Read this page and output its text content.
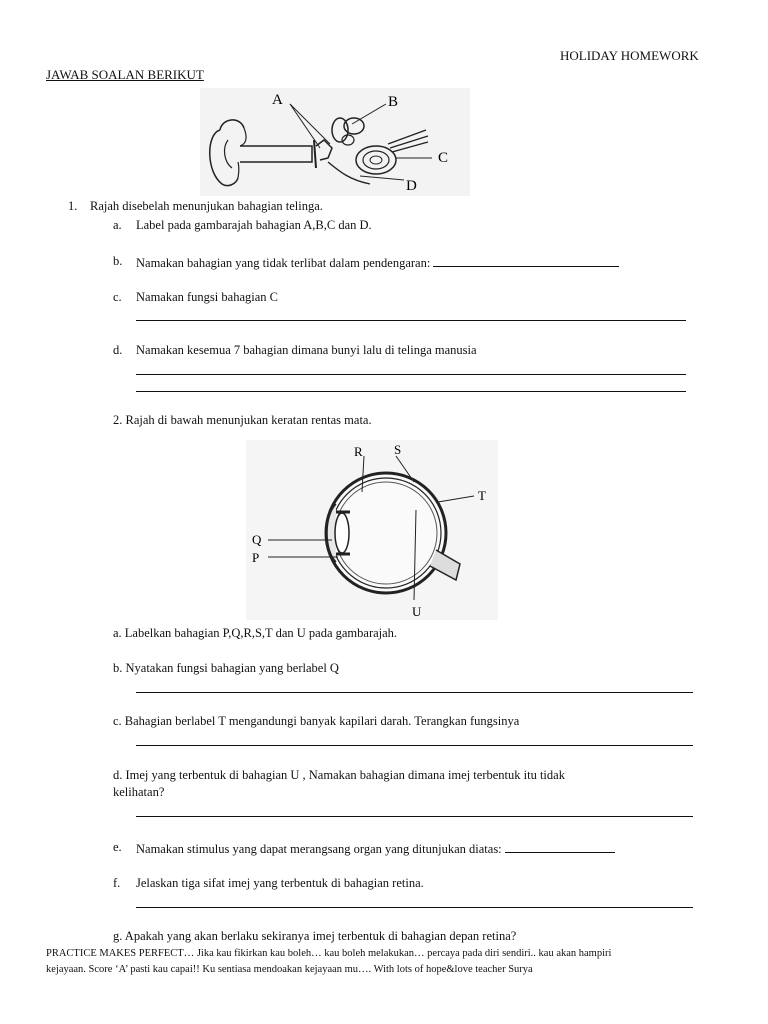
HOLIDAY HOMEWORK
JAWAB SOALAN BERIKUT
A	B
C
D
1. Rajah disebelah menunjukan bahagian telinga.
a. Label pada gambarajah bahagian A,B,C dan D.
b. Namakan bahagian yang tidak terlibat dalam pendengaran:
c. Namakan fungsi bahagian C
d. Namakan kesemua 7 bahagian dimana bunyi lalu di telinga manusia
2. Rajah di bawah menunjukan keratan rentas mata.
R S
T
Q
P
U
a. Labelkan bahagian P,Q,R,S,T dan U pada gambarajah.
b. Nyatakan fungsi bahagian yang berlabel Q
c. Bahagian berlabel T mengandungi banyak kapilari darah. Terangkan fungsinya
d. Imej yang terbentuk di bahagian U , Namakan bahagian dimana imej terbentuk itu tidak
kelihatan?
e. Namakan stimulus yang dapat merangsang organ yang ditunjukan diatas:
f. Jelaskan tiga sifat imej yang terbentuk di bahagian retina.
g. Apakah yang akan berlaku sekiranya imej terbentuk di bahagian depan retina?
PRACTICE MAKES PERFECT… Jika kau fikirkan kau boleh… kau boleh melakukan… percaya pada diri sendiri.. kau akan hampiri
kejayaan. Score ‘A’ pasti kau capai!! Ku sentiasa mendoakan kejayaan mu…. With lots of hope&love teacher Surya
